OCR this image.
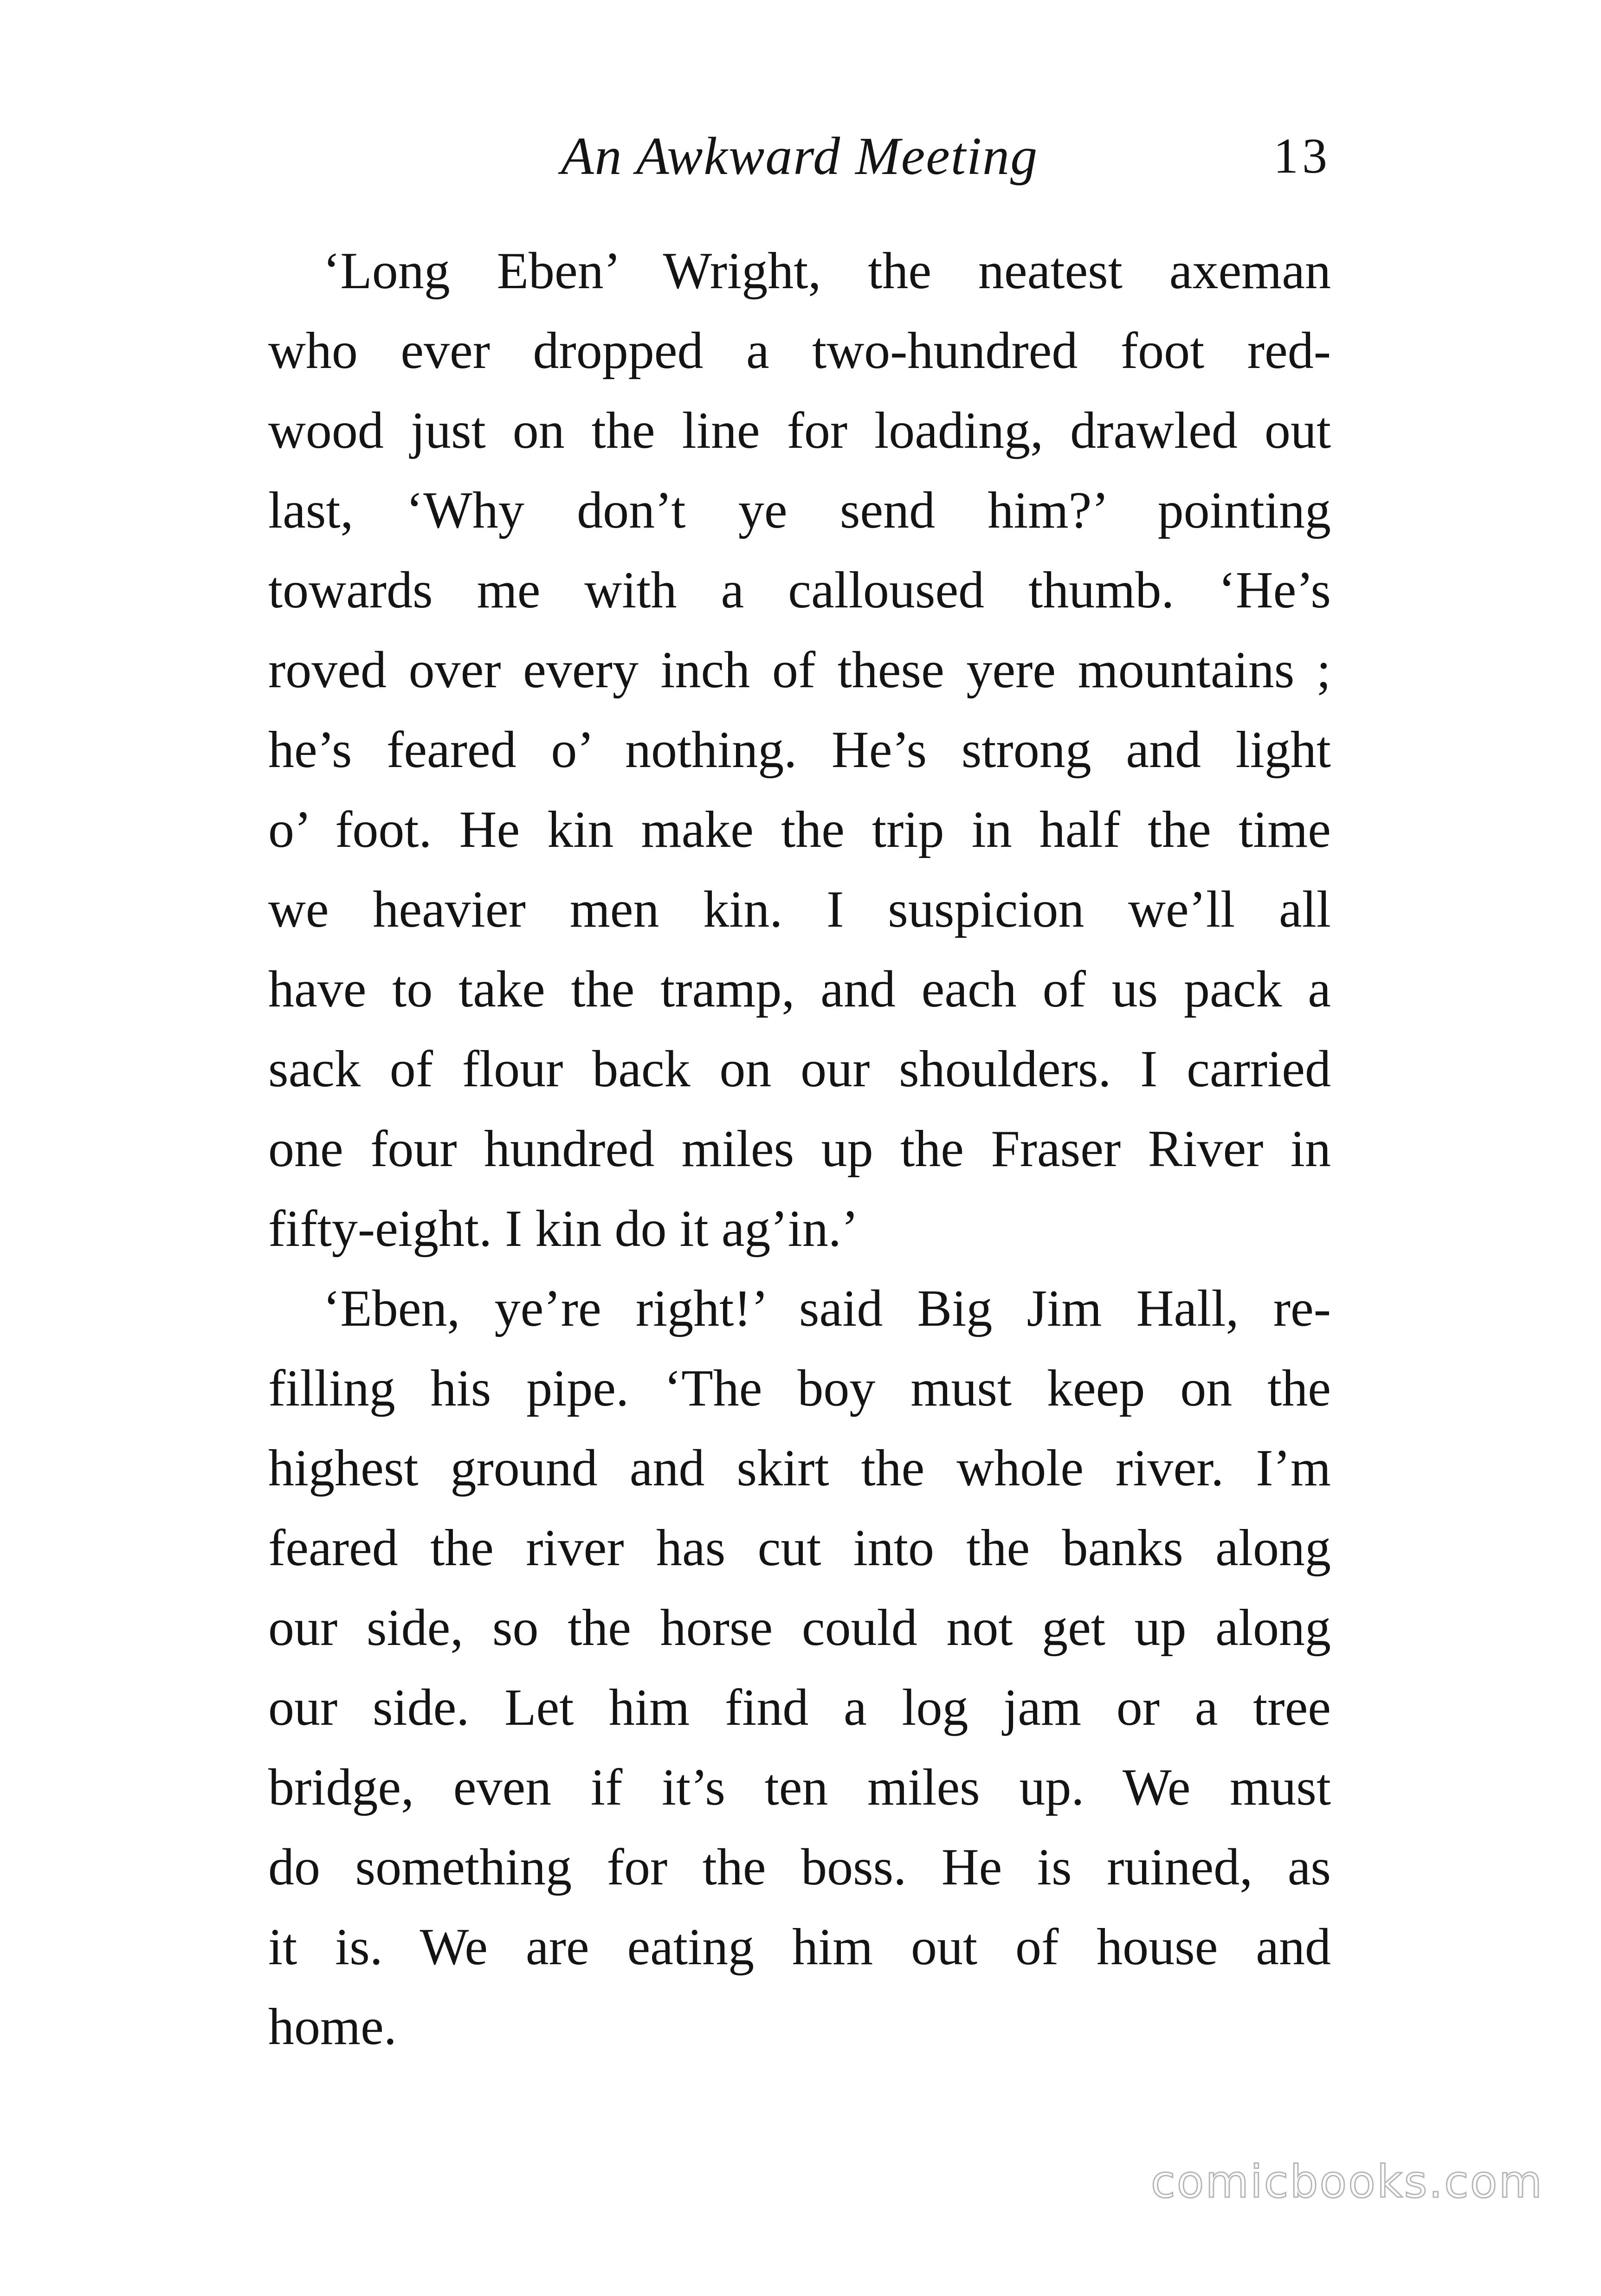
An Awkward Meeting	13
‘Long Eben’ Wright, the neatest axeman
who ever dropped a two-hundred foot red-
wood just on the line for loading, drawled out
last, ‘Why don’t ye send him?’ pointing
towards me with a calloused thumb. ‘He’s
roved over every inch of these yere mountains ;
he’s feared o’ nothing. He’s strong and light
o’ foot. He kin make the trip in half the time
we heavier men kin. I suspicion we’ll all
have to take the tramp, and each of us pack a
sack of flour back on our shoulders. I carried
one four hundred miles up the Fraser River in
fifty-eight. I kin do it ag’in.’
‘Eben, ye’re right!’ said Big Jim Hall, re-
filling his pipe. ‘The boy must keep on the
highest ground and skirt the whole river. I’m
feared the river has cut into the banks along
our side, so the horse could not get up along
our side. Let him find a log jam or a tree
bridge, even if it’s ten miles up. We must
do something for the boss. He is ruined, as
it is. We are eating him out of house and
home.
comicbooks.com
